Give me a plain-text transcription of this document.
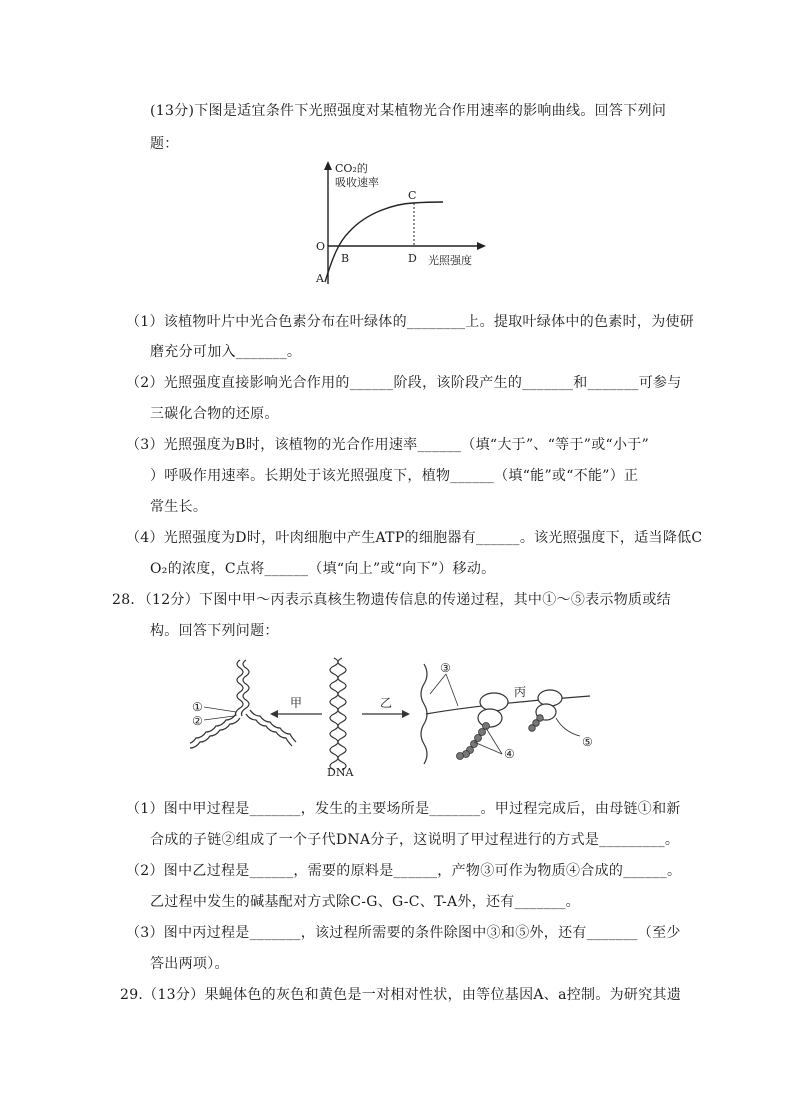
(13分)下图是适宜条件下光照强度对某植物光合作用速率的影响曲线。回答下列问
题：
CO₂的
吸收速率
光照强度
O
A
B
C
D
（1）该植物叶片中光合色素分布在叶绿体的________上。提取叶绿体中的色素时，为使研
磨充分可加入_______。
（2）光照强度直接影响光合作用的______阶段，该阶段产生的_______和_______可参与
三碳化合物的还原。
（3）光照强度为B时，该植物的光合作用速率______（填“大于”、“等于”或“小于”
）呼吸作用速率。长期处于该光照强度下，植物______（填“能”或“不能”）正
常生长。
（4）光照强度为D时，叶肉细胞中产生ATP的细胞器有______。该光照强度下，适当降低C
O₂的浓度，C点将______（填“向上”或“向下”）移动。
28．（12分）下图中甲～丙表示真核生物遗传信息的传递过程，其中①～⑤表示物质或结
构。回答下列问题：
①
②
甲
DNA
乙
③
丙
④
⑤
（1）图中甲过程是_______，发生的主要场所是_______。甲过程完成后，由母链①和新
合成的子链②组成了一个子代DNA分子，这说明了甲过程进行的方式是_________。
（2）图中乙过程是______，需要的原料是______，产物③可作为物质④合成的______。
乙过程中发生的碱基配对方式除C-G、G-C、T-A外，还有_______。
（3）图中丙过程是_______，该过程所需要的条件除图中③和⑤外，还有_______（至少
答出两项）。
29.（13分）果蝇体色的灰色和黄色是一对相对性状，由等位基因A、a控制。为研究其遗
